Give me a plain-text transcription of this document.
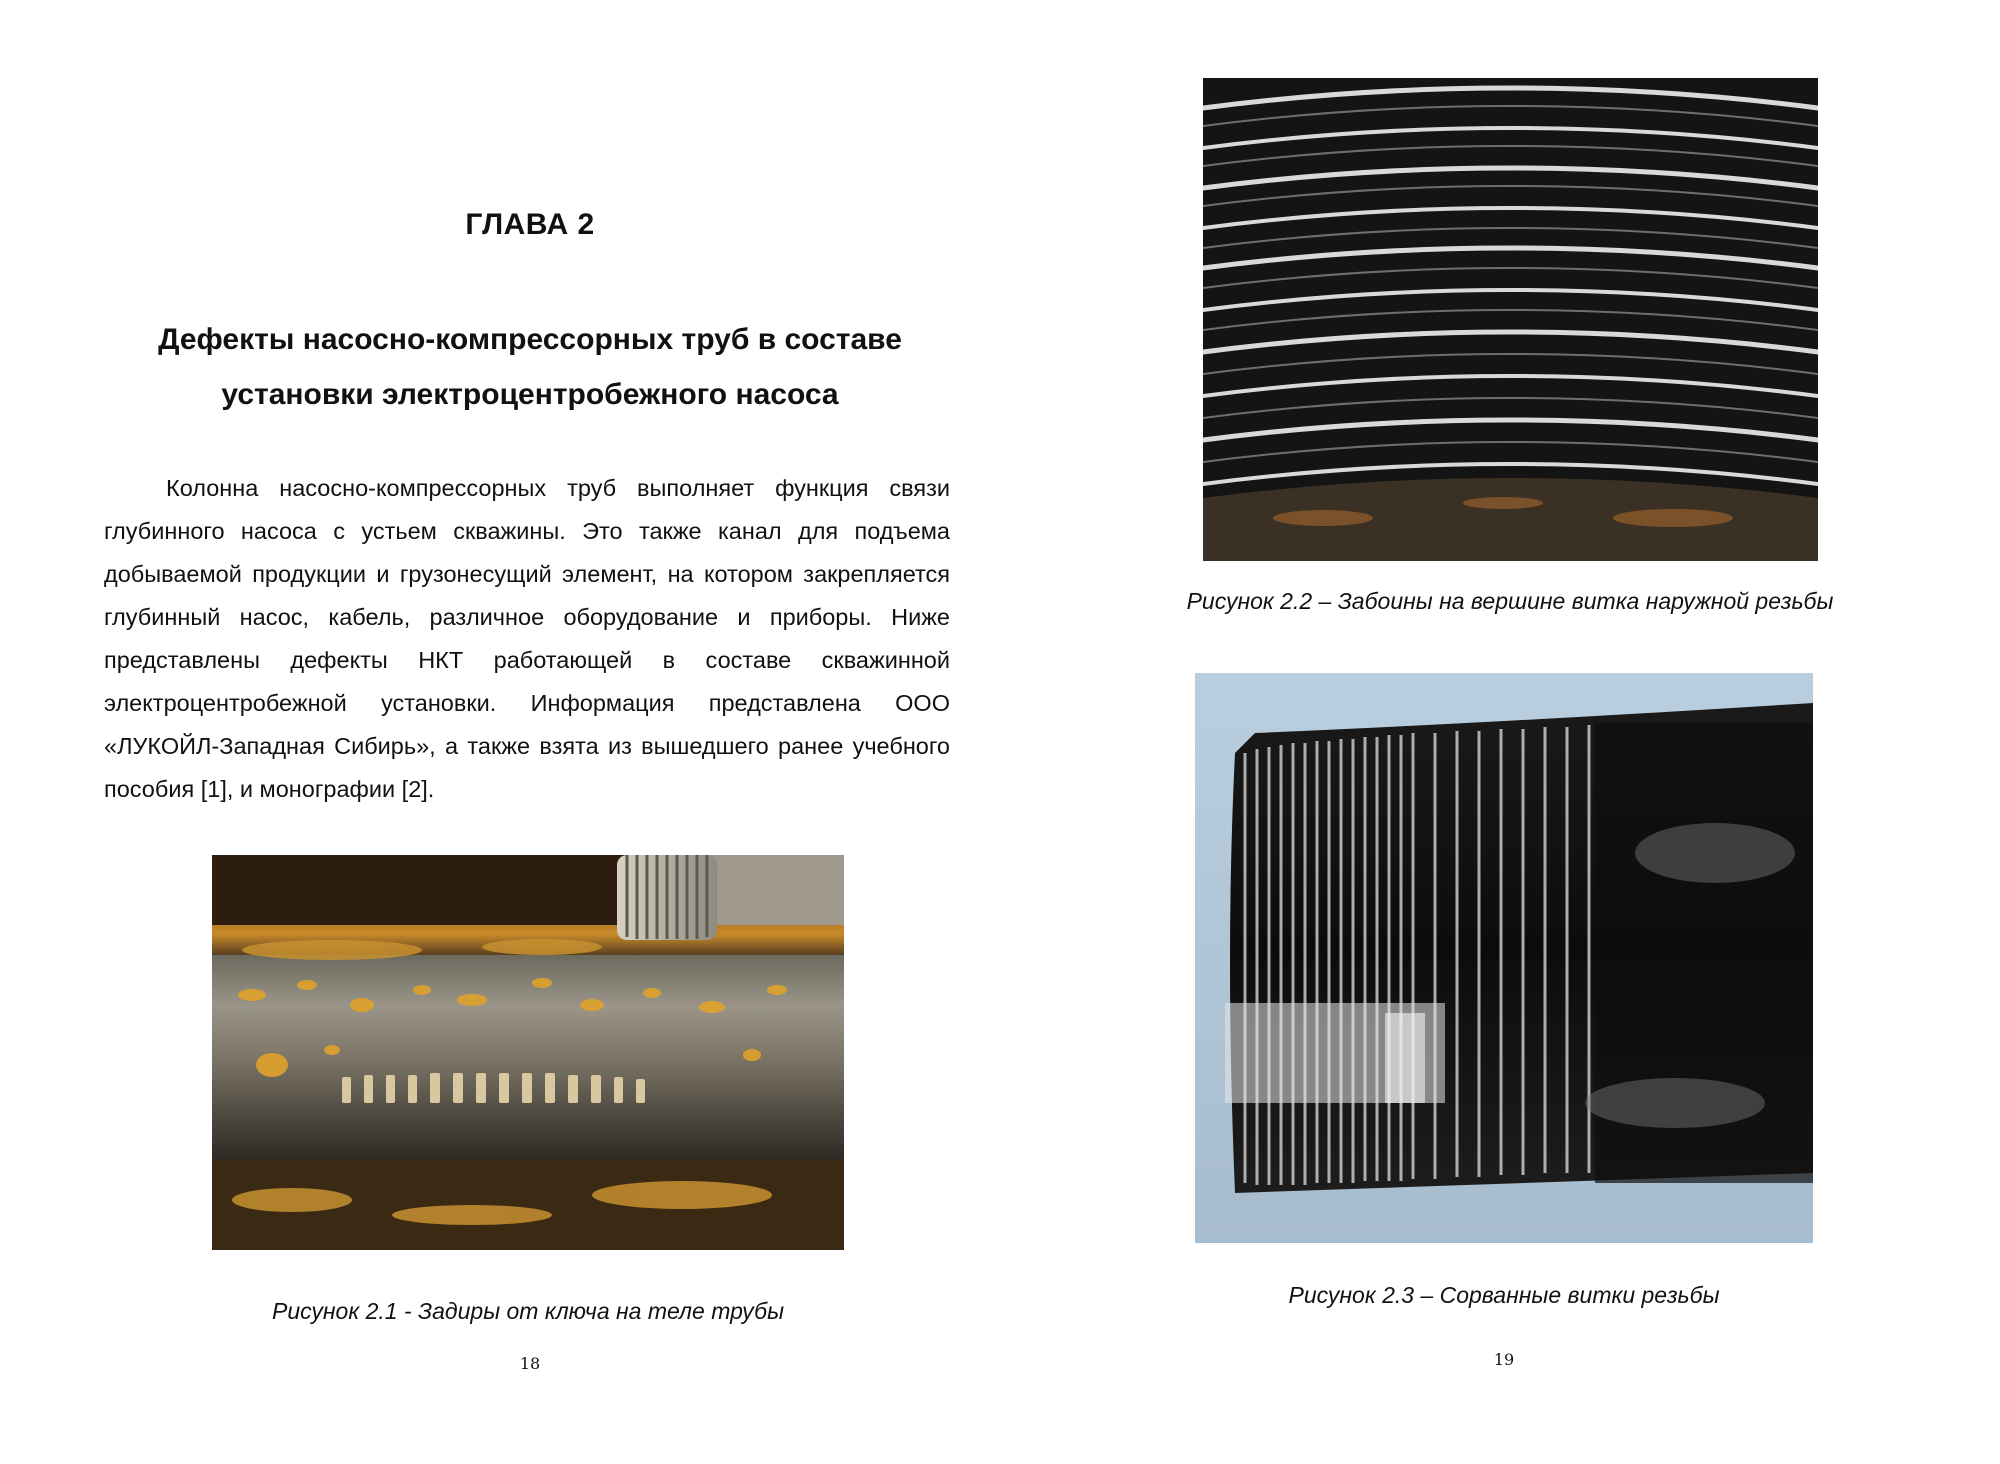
ГЛАВА 2
Дефекты насосно-компрессорных труб в составе
установки электроцентробежного насоса

Колонна насосно-компрессорных труб выполняет функция связи глубинного насоса с устьем скважины. Это также канал для подъема добываемой продукции и грузонесущий элемент, на котором закрепляется глубинный насос, кабель, различное оборудование и приборы. Ниже представлены дефекты НКТ работающей в составе скважинной электроцентробежной установки. Информация представлена ООО «ЛУКОЙЛ-Западная Сибирь», а также взята из вышедшего ранее учебного пособия [1], и монографии [2].

Рисунок 2.1 - Задиры от ключа на теле трубы
18
Рисунок 2.2 – Забоины на вершине витка наружной резьбы
Рисунок 2.3 – Сорванные витки резьбы
19
